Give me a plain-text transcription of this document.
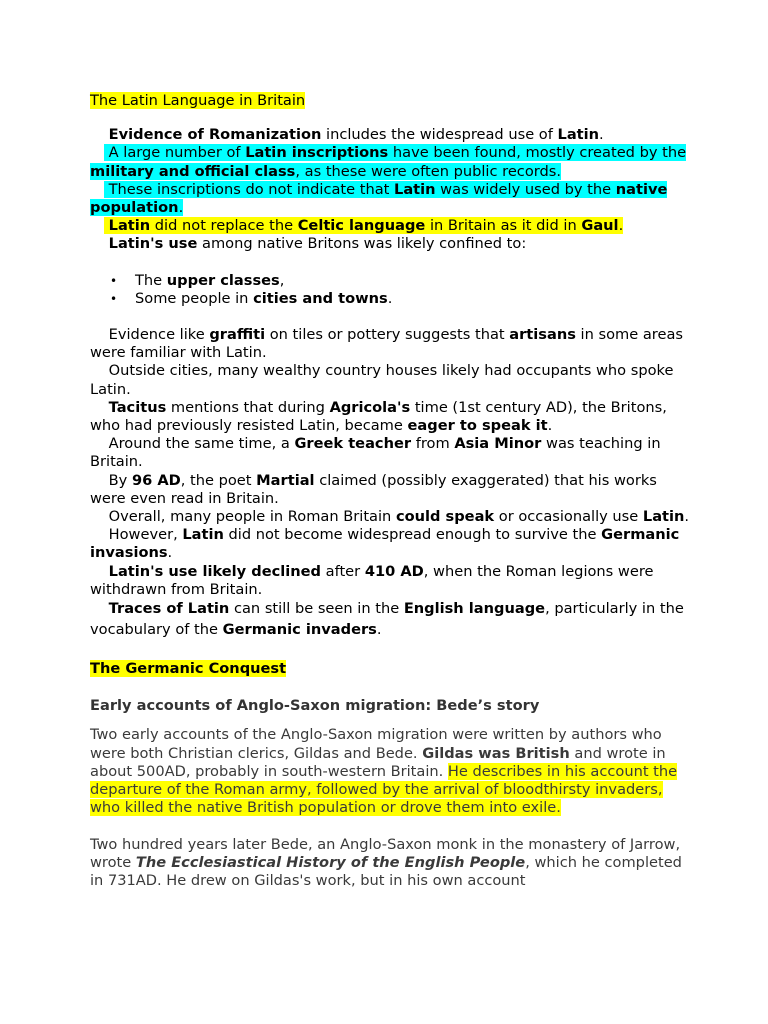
The Latin Language in Britain
Evidence of Romanization includes the widespread use of Latin.
A large number of Latin inscriptions have been found, mostly created by the military and official class, as these were often public records.
These inscriptions do not indicate that Latin was widely used by the native population.
Latin did not replace the Celtic language in Britain as it did in Gaul.
Latin's use among native Britons was likely confined to:
• The upper classes,
• Some people in cities and towns.
Evidence like graffiti on tiles or pottery suggests that artisans in some areas were familiar with Latin.
Outside cities, many wealthy country houses likely had occupants who spoke Latin.
Tacitus mentions that during Agricola's time (1st century AD), the Britons, who had previously resisted Latin, became eager to speak it.
Around the same time, a Greek teacher from Asia Minor was teaching in Britain.
By 96 AD, the poet Martial claimed (possibly exaggerated) that his works were even read in Britain.
Overall, many people in Roman Britain could speak or occasionally use Latin.
However, Latin did not become widespread enough to survive the Germanic invasions.
Latin's use likely declined after 410 AD, when the Roman legions were withdrawn from Britain.
Traces of Latin can still be seen in the English language, particularly in the vocabulary of the Germanic invaders.
The Germanic Conquest
Early accounts of Anglo-Saxon migration: Bede’s story
Two early accounts of the Anglo-Saxon migration were written by authors who were both Christian clerics, Gildas and Bede. Gildas was British and wrote in about 500AD, probably in south-western Britain. He describes in his account the departure of the Roman army, followed by the arrival of bloodthirsty invaders, who killed the native British population or drove them into exile.
Two hundred years later Bede, an Anglo-Saxon monk in the monastery of Jarrow, wrote The Ecclesiastical History of the English People, which he completed in 731AD. He drew on Gildas's work, but in his own account
